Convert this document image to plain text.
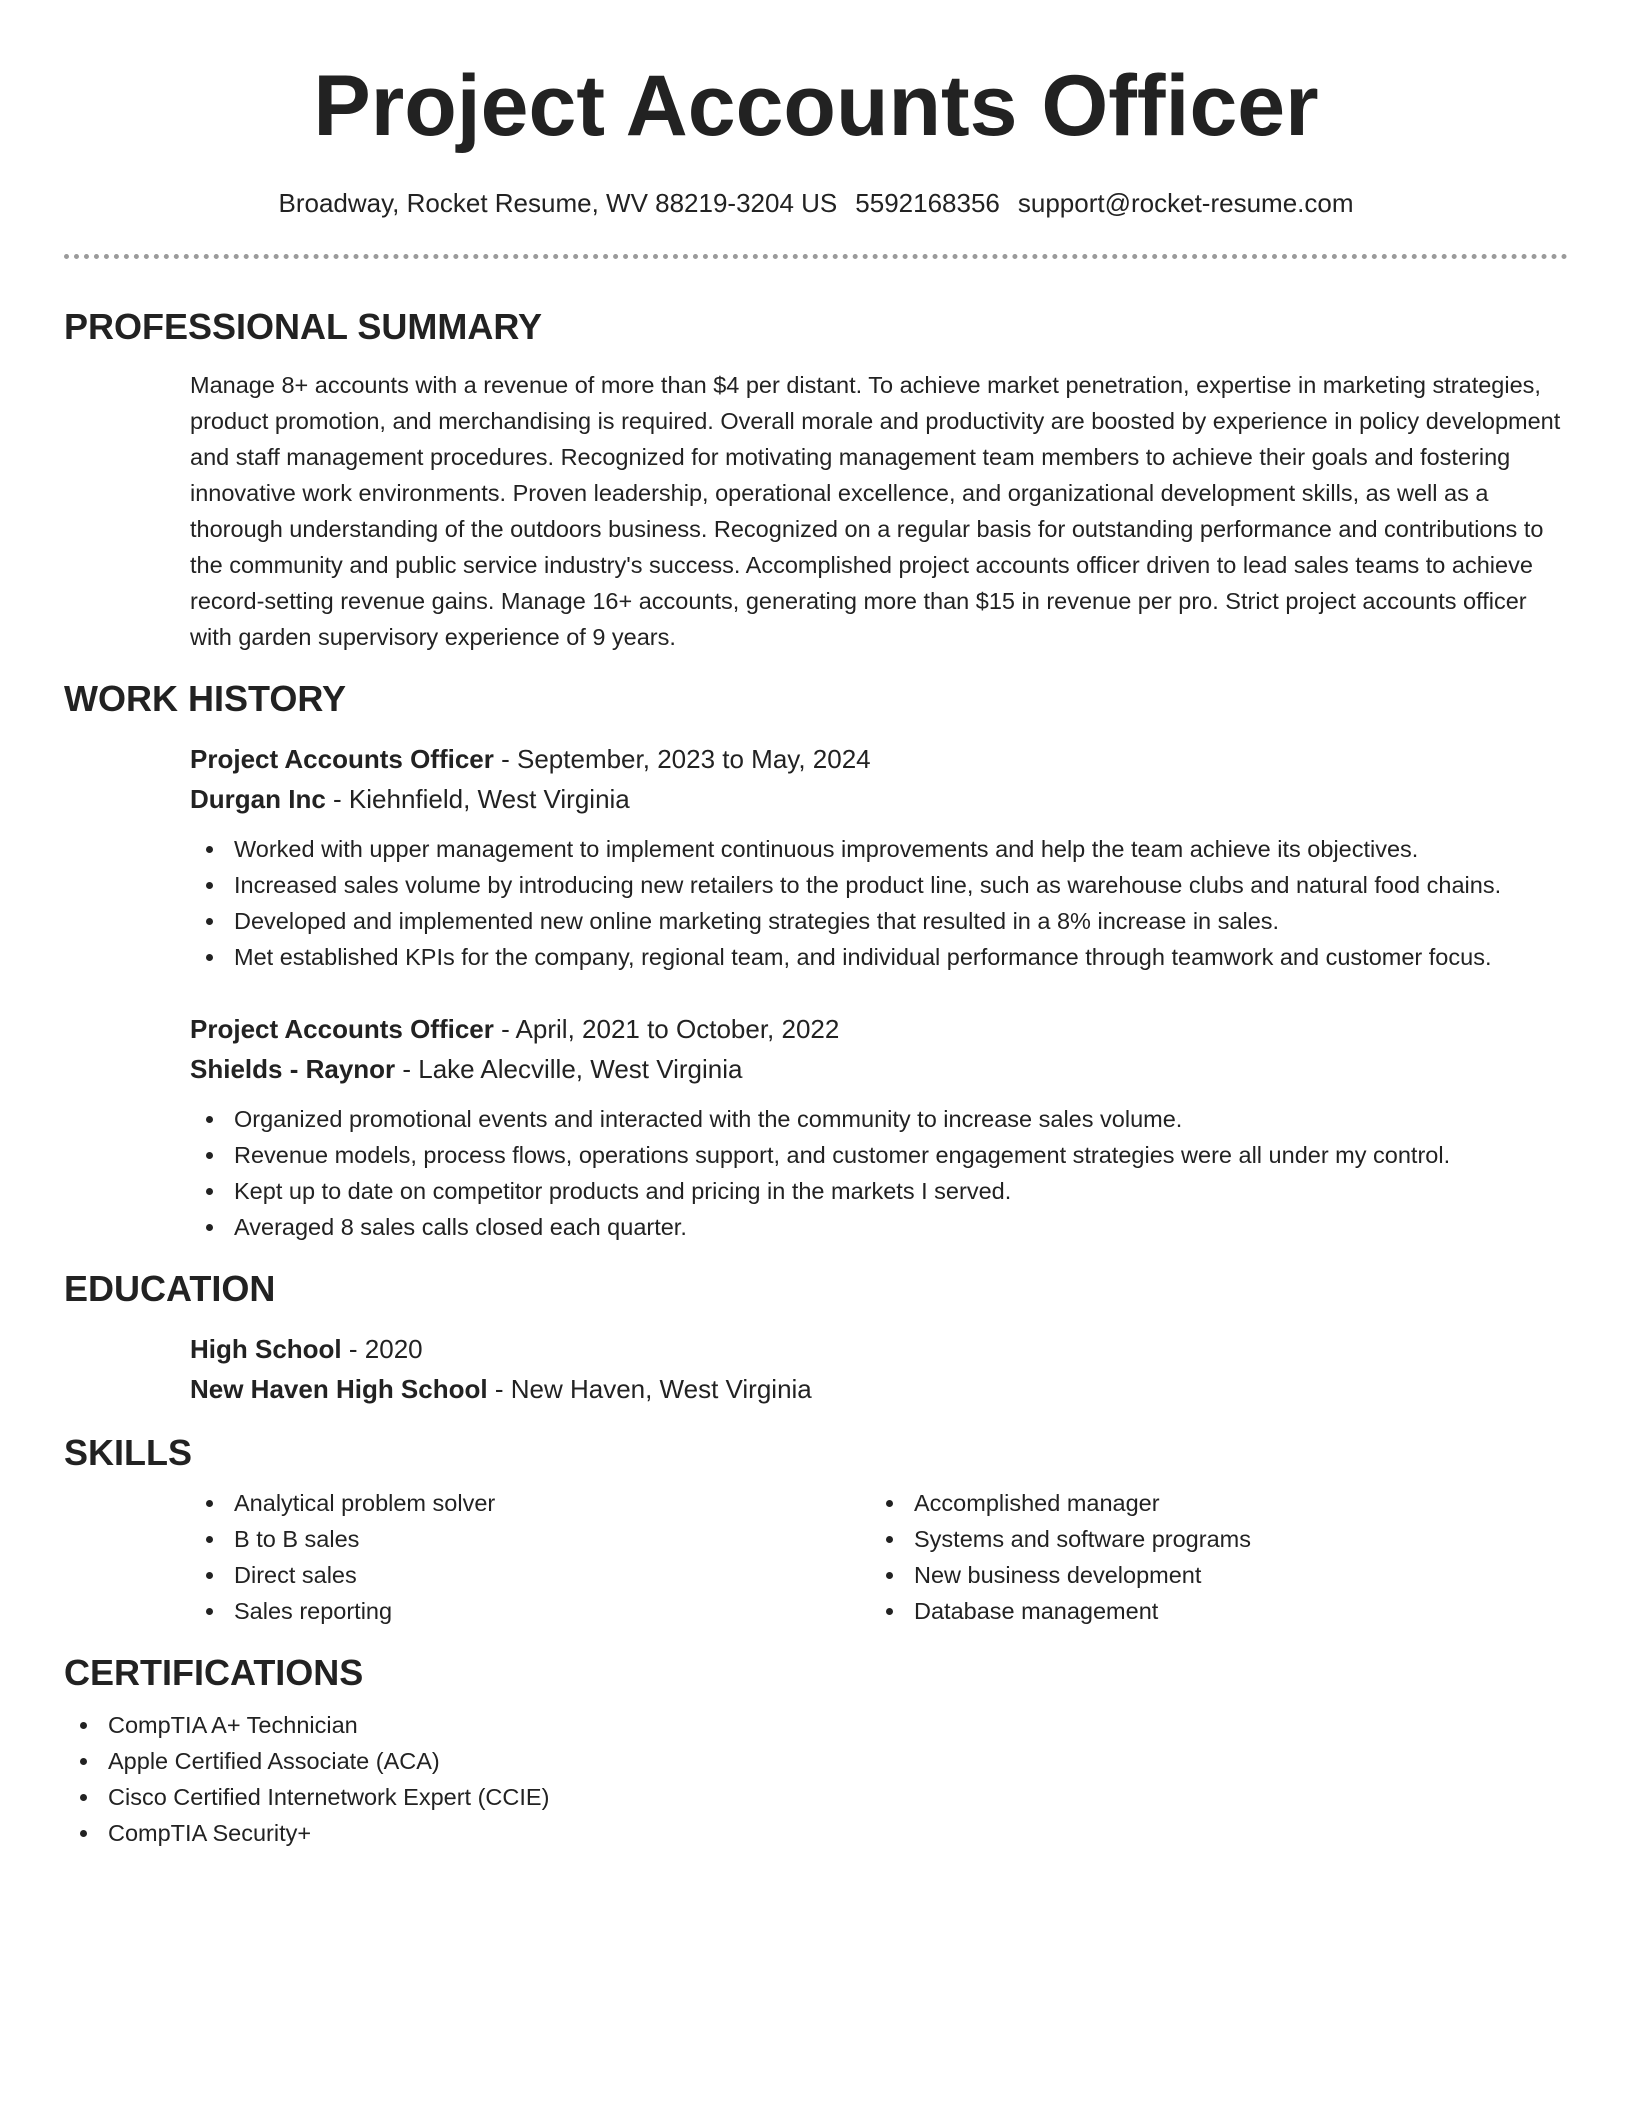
Project Accounts Officer
Broadway, Rocket Resume, WV 88219-3204 US 5592168356 support@rocket-resume.com
PROFESSIONAL SUMMARY

Manage 8+ accounts with a revenue of more than $4 per distant. To achieve market penetration, expertise in marketing strategies, product promotion, and merchandising is required. Overall morale and productivity are boosted by experience in policy development and staff management procedures. Recognized for motivating management team members to achieve their goals and fostering innovative work environments. Proven leadership, operational excellence, and organizational development skills, as well as a thorough understanding of the outdoors business. Recognized on a regular basis for outstanding performance and contributions to the community and public service industry's success. Accomplished project accounts officer driven to lead sales teams to achieve record-setting revenue gains. Manage 16+ accounts, generating more than $15 in revenue per pro. Strict project accounts officer with garden supervisory experience of 9 years.

WORK HISTORY
Project Accounts Officer - September, 2023 to May, 2024
Durgan Inc - Kiehnfield, West Virginia
Worked with upper management to implement continuous improvements and help the team achieve its objectives.
Increased sales volume by introducing new retailers to the product line, such as warehouse clubs and natural food chains.
Developed and implemented new online marketing strategies that resulted in a 8% increase in sales.
Met established KPIs for the company, regional team, and individual performance through teamwork and customer focus.
Project Accounts Officer - April, 2021 to October, 2022
Shields - Raynor - Lake Alecville, West Virginia
Organized promotional events and interacted with the community to increase sales volume.
Revenue models, process flows, operations support, and customer engagement strategies were all under my control.
Kept up to date on competitor products and pricing in the markets I served.
Averaged 8 sales calls closed each quarter.
EDUCATION
High School - 2020
New Haven High School - New Haven, West Virginia
SKILLS
Analytical problem solver
B to B sales
Direct sales
Sales reporting
Accomplished manager
Systems and software programs
New business development
Database management
CERTIFICATIONS
CompTIA A+ Technician
Apple Certified Associate (ACA)
Cisco Certified Internetwork Expert (CCIE)
CompTIA Security+
